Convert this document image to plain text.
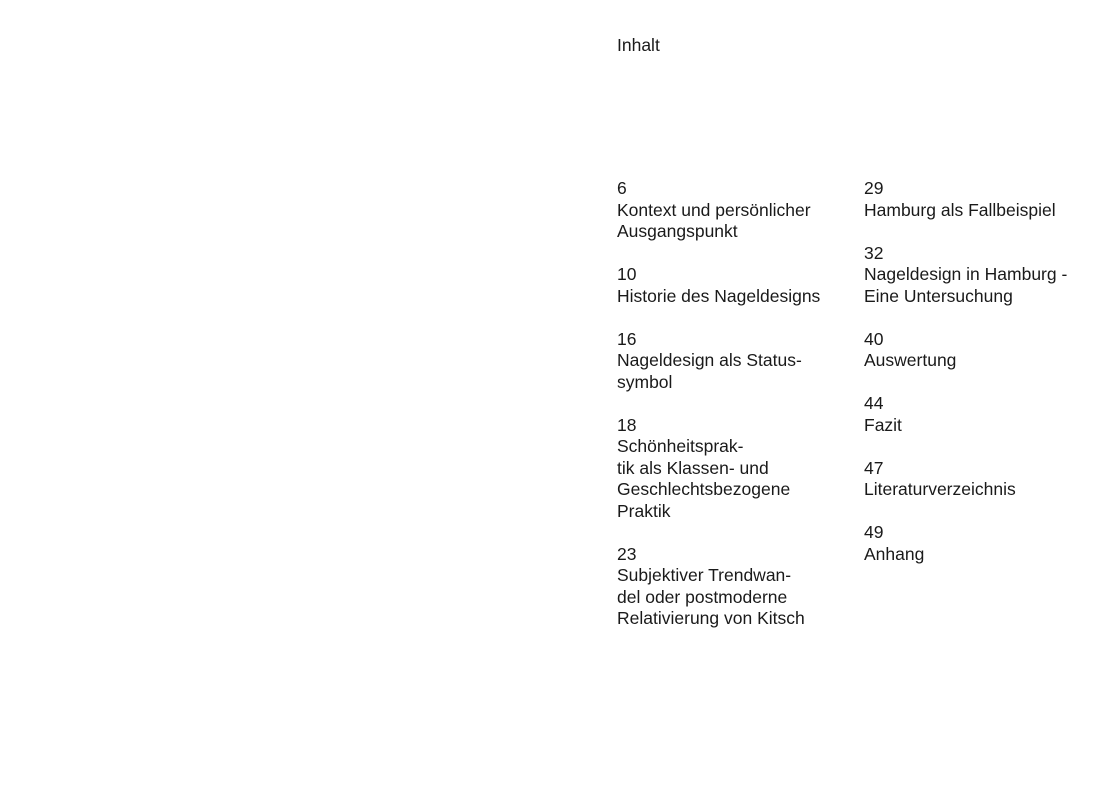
Inhalt
6
Kontext und persönlicher
Ausgangspunkt
10
Historie des Nageldesigns
16
Nageldesign als Status-
symbol
18
Schönheitsprak-
tik als Klassen- und
Geschlechtsbezogene
Praktik
23
Subjektiver Trendwan-
del oder postmoderne
Relativierung von Kitsch
29
Hamburg als Fallbeispiel
32
Nageldesign in Hamburg -
Eine Untersuchung
40
Auswertung
44
Fazit
47
Literaturverzeichnis
49
Anhang
